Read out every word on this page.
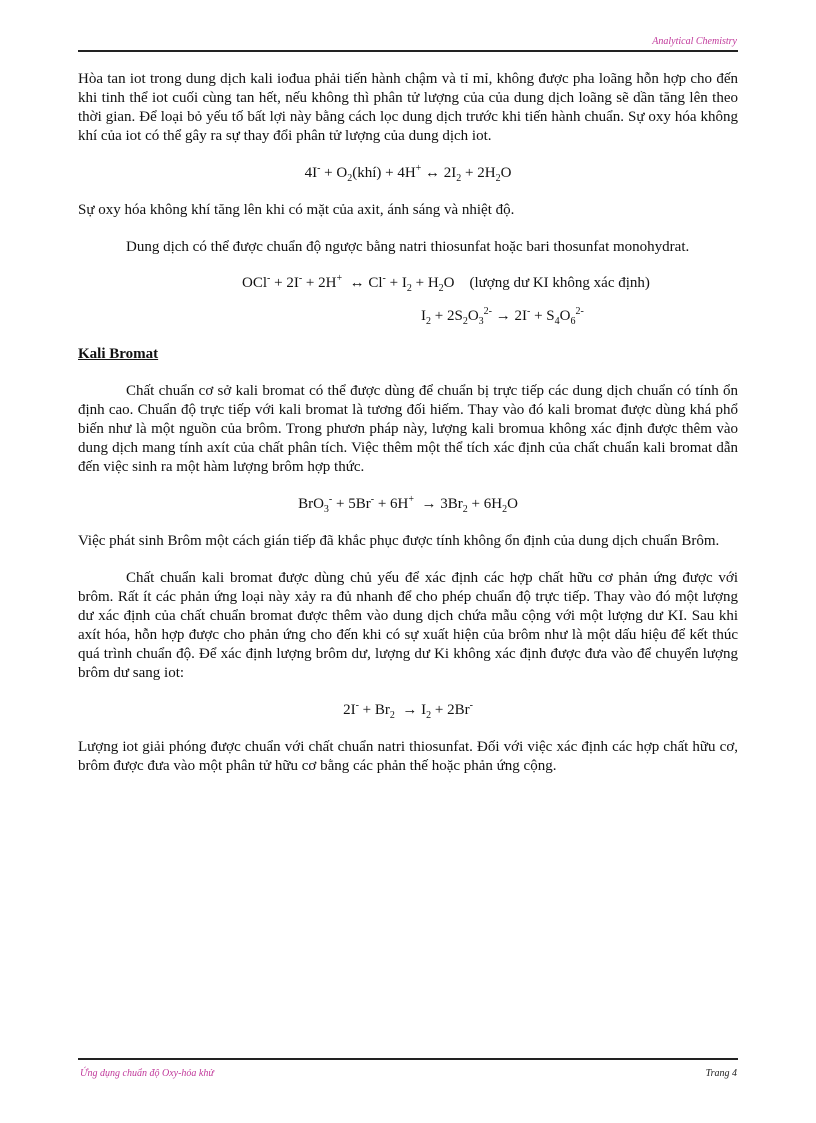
Analytical Chemistry

Hòa tan iot trong dung dịch kali iođua phải tiến hành chậm và tỉ mỉ, không được pha loãng hỗn hợp cho đến khi tinh thể iot cuối cùng tan hết, nếu không thì phân tử lượng của của dung dịch loãng sẽ dần tăng lên theo thời gian. Để loại bỏ yếu tố bất lợi này bằng cách lọc dung dịch trước khi tiến hành chuẩn. Sự oxy hóa không khí của iot có thể gây ra sự thay đổi phân tử lượng của dung dịch iot.

$4I^- + O_2(khí) + 4H^+$ ↔ $2I_2 + 2H_2O$

Sự oxy hóa không khí tăng lên khi có mặt của axit, ánh sáng và nhiệt độ.

Dung dịch có thể được chuẩn độ ngược bằng natri thiosunfat hoặc bari thosunfat monohydrat.

OCl- + 2I- + 2H+  ↔ $Cl^- + I_2 + H_2O$    (lượng dư KI không xác định)

$I_2 + 2S_2O_3^{2-} \to 2I^- + S_4O_6^{2-}$

Kali Bromat

Chất chuẩn cơ sở kali bromat có thể được dùng để chuẩn bị trực tiếp các dung dịch chuẩn có tính ổn định cao. Chuẩn độ trực tiếp với kali bromat là tương đối hiếm. Thay vào đó kali bromat được dùng khá phổ biến như là một nguồn của brôm. Trong phươn pháp này, lượng kali bromua không xác định được thêm vào dung dịch mang tính axít của chất phân tích. Việc thêm một thể tích xác định của chất chuẩn kali bromat dẫn đến việc sinh ra một hàm lượng brôm hợp thức.

$BrO_3^- + 5Br^- + 6H^+ \to 3Br_2 + 6H_2O$

Việc phát sinh Brôm một cách gián tiếp đã khắc phục được tính không ổn định của dung dịch chuẩn Brôm.

Chất chuẩn kali bromat được dùng chủ yếu để xác định các hợp chất hữu cơ phản ứng được với brôm. Rất ít các phản ứng loại này xảy ra đủ nhanh để cho phép chuẩn độ trực tiếp. Thay vào đó một lượng dư xác định của chất chuẩn bromat được thêm vào dung dịch chứa mẫu cộng với một lượng dư KI. Sau khi axít hóa, hỗn hợp được cho phản ứng cho đến khi có sự xuất hiện của brôm như là một dấu hiệu để kết thúc quá trình chuẩn độ. Để xác định lượng brôm dư, lượng dư Ki không xác định được đưa vào để chuyển lượng brôm dư sang iot:

$2I^- + Br_2 \to I_2 + 2Br^-$

Lượng iot giải phóng được chuẩn với chất chuẩn natri thiosunfat. Đối với việc xác định các hợp chất hữu cơ, brôm được đưa vào một phân tử hữu cơ bằng các phản thế hoặc phản ứng cộng.

Ứng dụng chuẩn độ Oxy-hóa khử	Trang 4
